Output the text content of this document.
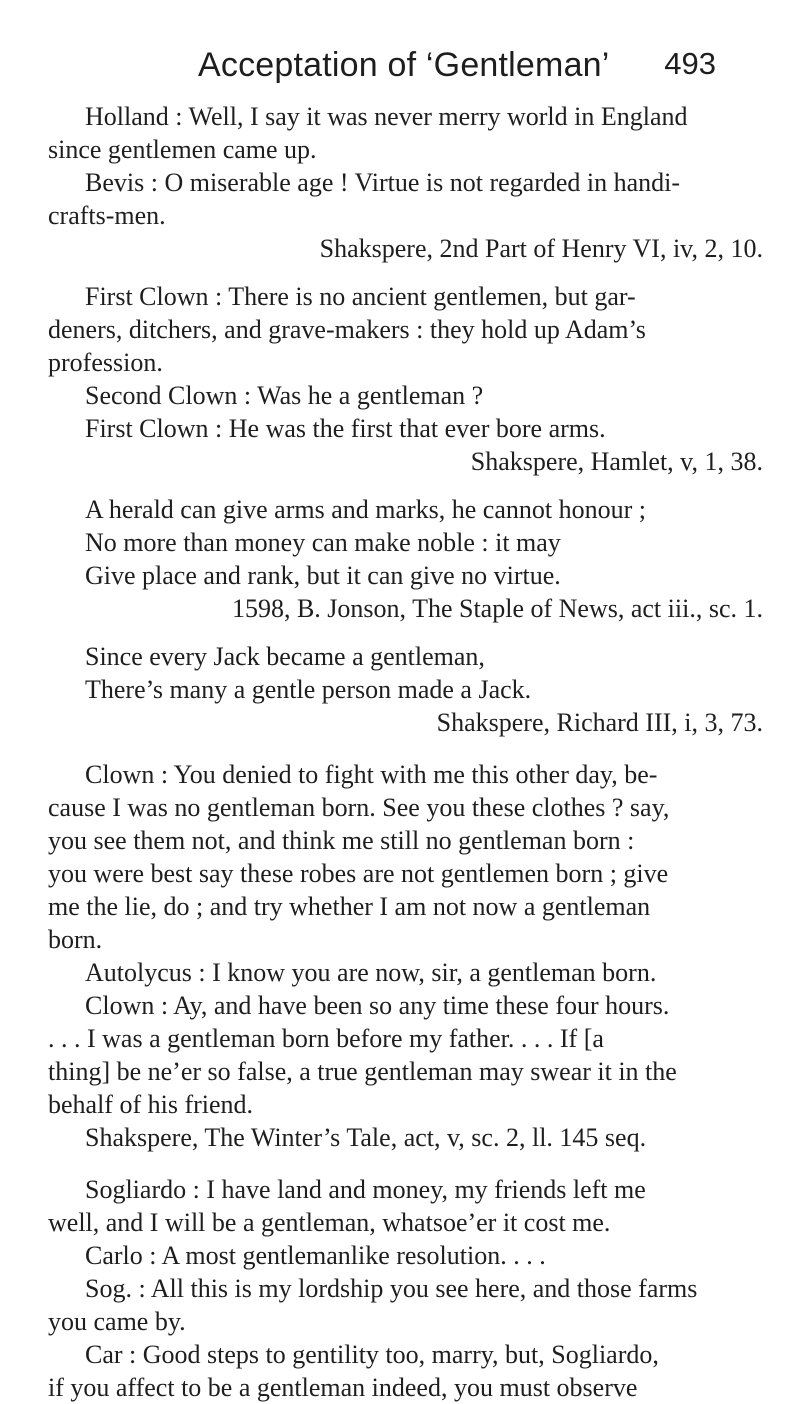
Acceptation of ‘Gentleman’ 493
Holland : Well, I say it was never merry world in England
since gentlemen came up.
Bevis : O miserable age ! Virtue is not regarded in handi-
crafts-men.
Shakspere, 2nd Part of Henry VI, iv, 2, 10.
First Clown : There is no ancient gentlemen, but gar-
deners, ditchers, and grave-makers : they hold up Adam’s
profession.
Second Clown : Was he a gentleman ?
First Clown : He was the first that ever bore arms.
Shakspere, Hamlet, v, 1, 38.
A herald can give arms and marks, he cannot honour ;
No more than money can make noble : it may
Give place and rank, but it can give no virtue.
1598, B. Jonson, The Staple of News, act iii., sc. 1.
Since every Jack became a gentleman,
There’s many a gentle person made a Jack.
Shakspere, Richard III, i, 3, 73.
Clown : You denied to fight with me this other day, be-
cause I was no gentleman born. See you these clothes ? say,
you see them not, and think me still no gentleman born :
you were best say these robes are not gentlemen born ; give
me the lie, do ; and try whether I am not now a gentleman
born.
Autolycus : I know you are now, sir, a gentleman born.
Clown : Ay, and have been so any time these four hours.
. . . I was a gentleman born before my father. . . . If [a
thing] be ne’er so false, a true gentleman may swear it in the
behalf of his friend.
Shakspere, The Winter’s Tale, act, v, sc. 2, ll. 145 seq.
Sogliardo : I have land and money, my friends left me
well, and I will be a gentleman, whatsoe’er it cost me.
Carlo : A most gentlemanlike resolution. . . .
Sog. : All this is my lordship you see here, and those farms
you came by.
Car : Good steps to gentility too, marry, but, Sogliardo,
if you affect to be a gentleman indeed, you must observe
